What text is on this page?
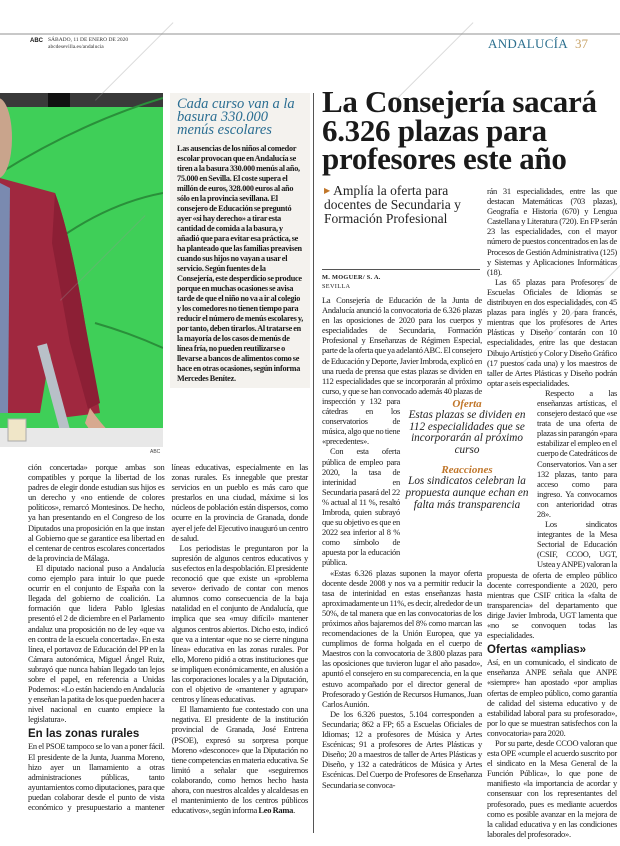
ABC SÁBADO, 11 DE ENERO DE 2020
abcdesevilla.es/andalucia	ANDALUCÍA 37
ABC
Cada curso van a la basura 330.000 menús escolares
Las ausencias de los niños al comedor escolar provocan que en Andalucía se tiren a la basura 330.000 menús al año, 75.000 en Sevilla. El coste supera el millón de euros, 328.000 euros al año sólo en la provincia sevillana. El consejero de Educación se preguntó ayer «si hay derecho» a tirar esta cantidad de comida a la basura, y añadió que para evitar esa práctica, se ha planteado que las familias preavisen cuando sus hijos no vayan a usar el servicio. Según fuentes de la Consejería, este desperdicio se produce porque en muchas ocasiones se avisa tarde de que el niño no va a ir al colegio y los comedores no tienen tiempo para reducir el número de menús escolares y, por tanto, deben tirarlos. Al tratarse en la mayoría de los casos de menús de línea fría, no pueden reutilizarse o llevarse a bancos de alimentos como se hace en otras ocasiones, según informa Mercedes Benítez.

ción concertada» porque ambas son compatibles y porque la libertad de los padres de elegir donde estudian sus hijos es un derecho y «no entiende de colores políticos», remarcó Montesinos. De hecho, ya han presentando en el Congreso de los Diputados una proposición en la que instan al Gobierno que se garantice esa libertad en el centenar de centros escolares concertados de la provincia de Málaga.

El diputado nacional puso a Andalucía como ejemplo para intuir lo que puede ocurrir en el conjunto de España con la llegada del gobierno de coalición. La formación que lidera Pablo Iglesias presentó el 2 de diciembre en el Parlamento andaluz una proposición no de ley «que va en contra de la escuela concertada». En esta línea, el portavoz de Educación del PP en la Cámara autonómica, Miguel Ángel Ruiz, subrayó que nunca habían llegado tan lejos sobre el papel, en referencia a Unidas Podemos: «Lo están haciendo en Andalucía y enseñan la patita de los que pueden hacer a nivel nacional en cuanto empiece la legislatura».

En las zonas rurales

En el PSOE tampoco se lo van a poner fácil. El presidente de la Junta, Juanma Moreno, hizo ayer un llamamiento a otras administraciones públicas, tanto ayuntamientos como diputaciones, para que puedan colaborar desde el punto de vista económico y presupuestario a mantener líneas educativas, especialmente en las zonas rurales. Es innegable que prestar servicios en un pueblo es más caro que prestarlos en una ciudad, máxime si los núcleos de población están dispersos, como ocurre en la provincia de Granada, donde ayer el jefe del Ejecutivo inauguró un centro de salud.

Los periodistas le preguntaron por la supresión de algunos centros educativos y sus efectos en la despoblación. El presidente reconoció que que existe un «problema severo» derivado de contar con menos alumnos como consecuencia de la baja natalidad en el conjunto de Andalucía, que implica que sea «muy difícil» mantener algunos centros abiertos. Dicho esto, indicó que va a intentar «que no se cierre ninguna línea» educativa en las zonas rurales. Por ello, Moreno pidió a otras instituciones que se impliquen económicamente, en alusión a las corporaciones locales y a la Diputación, con el objetivo de «mantener y agrupar» centros y líneas educativas.

El llamamiento fue contestado con una negativa. El presidente de la institución provincial de Granada, José Entrena (PSOE), expresó su sorpresa porque Moreno «desconoce» que la Diputación no tiene competencias en materia educativa. Se limitó a señalar que «seguiremos colaborando, como hemos hecho hasta ahora, con nuestros alcaldes y alcaldesas en el mantenimiento de los centros públicos educativos», según informa Leo Rama.

La Consejería sacará 6.326 plazas para profesores este año
▶ Amplía la oferta para docentes de Secundaria y Formación Profesional
M. MOGUER/ S. A.
SEVILLA

La Consejería de Educación de la Junta de Andalucía anunció la convocatoria de 6.326 plazas en las oposiciones de 2020 para los cuerpos y especialidades de Secundaria, Formación Profesional y Enseñanzas de Régimen Especial, parte de la oferta que ya adelantó ABC. El consejero de Educación y Deporte, Javier Imbroda, explicó en una rueda de prensa que estas plazas se dividen en 112 especialidades que se incorporarán al próximo curso, y que se han convocado además 40 plazas de inspección y 132 para cátedras en los conservatorios de música, algo que no tiene «precedentes».

Con esta oferta pública de empleo para 2020, la tasa de interinidad en Secundaria pasará del 22 % actual al 11 %, resaltó Imbroda, quien subrayó que su objetivo es que en 2022 sea inferior al 8 % como símbolo de apuesta por la educación pública.

«Estas 6.326 plazas suponen la mayor oferta docente desde 2008 y nos va a permitir reducir la tasa de interinidad en estas enseñanzas hasta aproximadamente un 11%, es decir, alrededor de un 50%, de tal manera que en las convocatorias de los próximos años bajaremos del 8% como marcan las recomendaciones de la Unión Europea, que ya cumplimos de forma holgada en el cuerpo de Maestros con la convocatoria de 3.800 plazas para las oposiciones que tuvieron lugar el año pasado», apuntó el consejero en su comparecencia, en la que estuvo acompañado por el director general de Profesorado y Gestión de Recursos Humanos, Juan Carlos Aunión.

De los 6.326 puestos, 5.104 corresponden a Secundaria; 862 a FP; 65 a Escuelas Oficiales de Idiomas; 12 a profesores de Música y Artes Escénicas; 91 a profesores de Artes Plásticas y Diseño; 20 a maestros de taller de Artes Plásticas y Diseño, y 132 a catedráticos de Música y Artes Escénicas. Del Cuerpo de Profesores de Enseñanza Secundaria se convoca-

rán 31 especialidades, entre las que destacan Matemáticas (703 plazas), Geografía e Historia (670) y Lengua Castellana y Literatura (720). En FP serán 23 las especialidades, con el mayor número de puestos concentrados en las de Procesos de Gestión Administrativa (125) y Sistemas y Aplicaciones Informáticas (18).

Las 65 plazas para Profesores de Escuelas Oficiales de Idiomas se distribuyen en dos especialidades, con 45 plazas para inglés y 20 para francés, mientras que los profesores de Artes Plásticas y Diseño contarán con 10 especialidades, entre las que destacan Dibujo Artístico y Color y Diseño Gráfico (17 puestos cada una) y los maestros de taller de Artes Plásticas y Diseño podrán optar a seis especialidades.

Respecto a las enseñanzas artísticas, el consejero destacó que «se trata de una oferta de plazas sin parangón «para estabilizar el empleo en el cuerpo de Catedráticos de Conservatorios. Van a ser 132 plazas, tanto para acceso como para ingreso. Ya convocamos con anterioridad otras 28».

Los sindicatos integrantes de la Mesa Sectorial de Educación (CSIF, CCOO, UGT, Ustea y ANPE) valoran la propuesta de oferta de empleo público docente correspondiente a 2020, pero mientras que CSIF critica la «falta de transparencia» del departamento que dirige Javier Imbroda, UGT lamenta que «no se convoquen todas las especialidades.

Ofertas «amplias»

Así, en un comunicado, el sindicato de enseñanza ANPE señala que ANPE «siempre» han apostado «por amplias ofertas de empleo público, como garantía de calidad del sistema educativo y de estabilidad laboral para su profesorado», por lo que se muestran satisfechos con la convocatoria» para 2020.

Por su parte, desde CCOO valoran que esta OPE «cumple el acuerdo suscrito por el sindicato en la Mesa General de la Función Pública», lo que pone de manifiesto «la importancia de acordar y consensuar con los representantes del profesorado, pues es mediante acuerdos como es posible avanzar en la mejora de la calidad educativa y en las condiciones laborales del profesorado».

Oferta
Estas plazas se dividen en 112 especialidades que se incorporarán al próximo curso
Reacciones
Los sindicatos celebran la propuesta aunque echan en falta más transparencia
